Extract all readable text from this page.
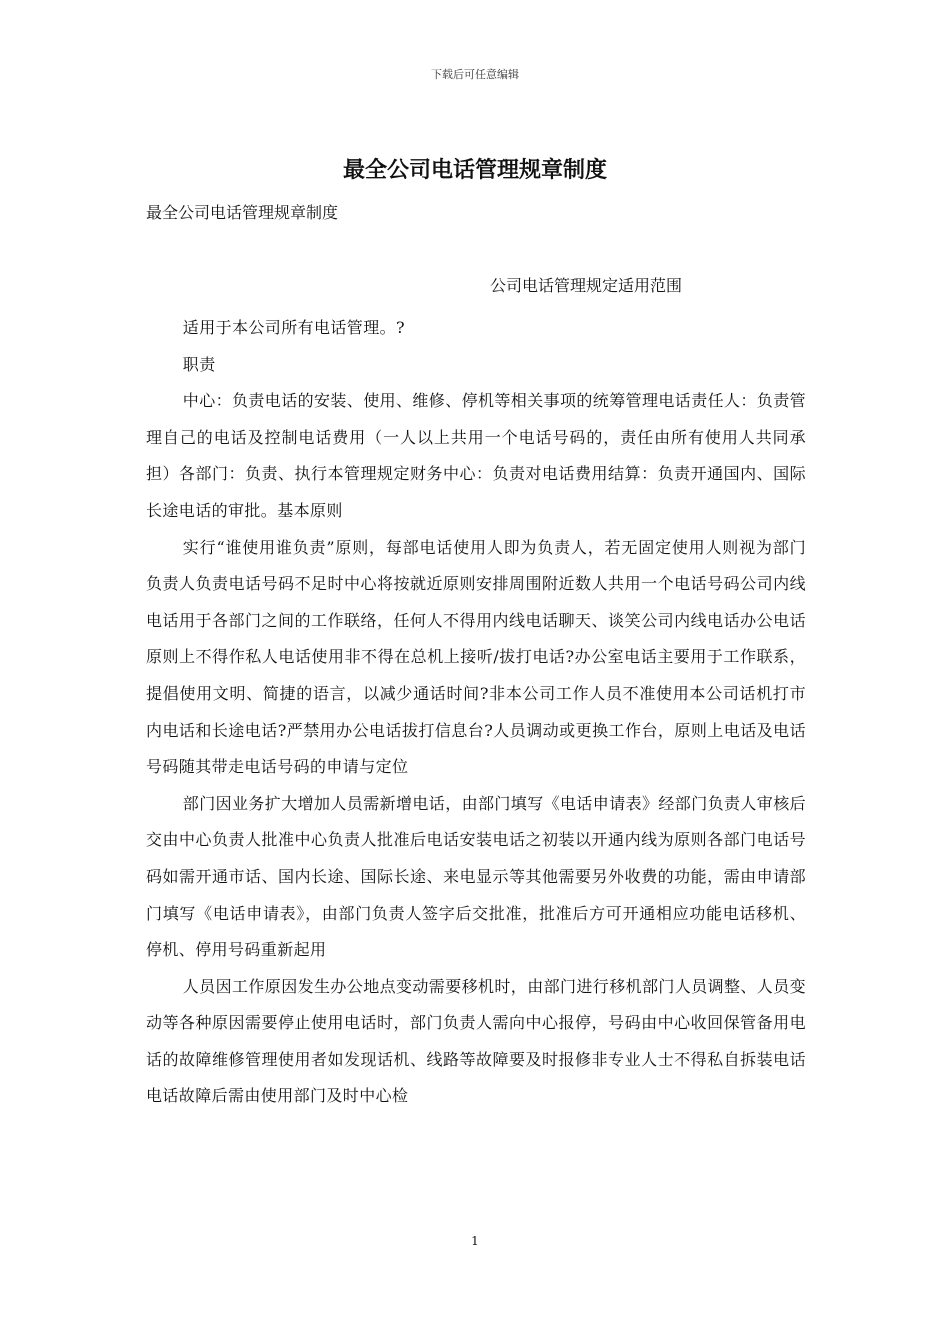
下载后可任意编辑
最全公司电话管理规章制度
最全公司电话管理规章制度
公司电话管理规定适用范围

适用于本公司所有电话管理。?

职责

中心：负责电话的安装、使用、维修、停机等相关事项的统筹管理电话责任人：负责管理自己的电话及控制电话费用（一人以上共用一个电话号码的，责任由所有使用人共同承担）各部门：负责、执行本管理规定财务中心：负责对电话费用结算：负责开通国内、国际长途电话的审批。基本原则

实行“谁使用谁负责”原则，每部电话使用人即为负责人，若无固定使用人则视为部门负责人负责电话号码不足时中心将按就近原则安排周围附近数人共用一个电话号码公司内线电话用于各部门之间的工作联络，任何人不得用内线电话聊天、谈笑公司内线电话办公电话原则上不得作私人电话使用非不得在总机上接听/拔打电话?办公室电话主要用于工作联系， 提倡使用文明、简捷的语言，以减少通话时间?非本公司工作人员不准使用本公司话机打市内电话和长途电话?严禁用办公电话拔打信息台?人员调动或更换工作台，原则上电话及电话号码随其带走电话号码的申请与定位

部门因业务扩大增加人员需新增电话，由部门填写《电话申请表》经部门负责人审核后交由中心负责人批准中心负责人批准后电话安装电话之初装以开通内线为原则各部门电话号码如需开通市话、国内长途、国际长途、来电显示等其他需要另外收费的功能，需由申请部门填写《电话申请表》，由部门负责人签字后交批准，批准后方可开通相应功能电话移机、停机、停用号码重新起用

人员因工作原因发生办公地点变动需要移机时，由部门进行移机部门人员调整、人员变动等各种原因需要停止使用电话时，部门负责人需向中心报停，号码由中心收回保管备用电话的故障维修管理使用者如发现话机、线路等故障要及时报修非专业人士不得私自拆装电话电话故障后需由使用部门及时中心检

1
